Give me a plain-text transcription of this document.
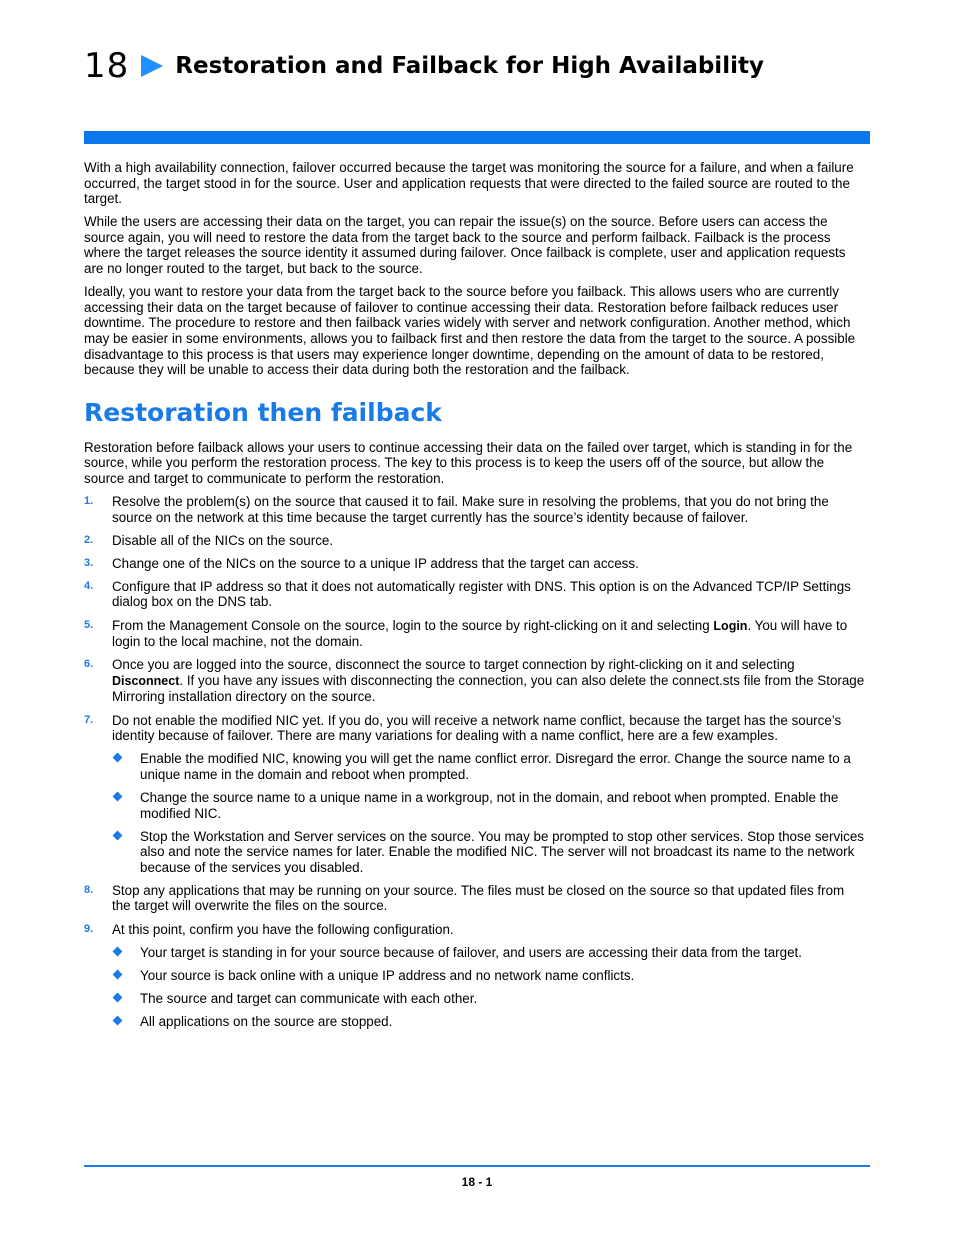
18 Restoration and Failback for High Availability

With a high availability connection, failover occurred because the target was monitoring the source for a failure, and when a failure occurred, the target stood in for the source. User and application requests that were directed to the failed source are routed to the target.

While the users are accessing their data on the target, you can repair the issue(s) on the source. Before users can access the source again, you will need to restore the data from the target back to the source and perform failback. Failback is the process where the target releases the source identity it assumed during failover. Once failback is complete, user and application requests are no longer routed to the target, but back to the source.

Ideally, you want to restore your data from the target back to the source before you failback. This allows users who are currently accessing their data on the target because of failover to continue accessing their data. Restoration before failback reduces user downtime. The procedure to restore and then failback varies widely with server and network configuration. Another method, which may be easier in some environments, allows you to failback first and then restore the data from the target to the source. A possible disadvantage to this process is that users may experience longer downtime, depending on the amount of data to be restored, because they will be unable to access their data during both the restoration and the failback.

Restoration then failback

Restoration before failback allows your users to continue accessing their data on the failed over target, which is standing in for the source, while you perform the restoration process. The key to this process is to keep the users off of the source, but allow the source and target to communicate to perform the restoration.

1. Resolve the problem(s) on the source that caused it to fail. Make sure in resolving the problems, that you do not bring the source on the network at this time because the target currently has the source’s identity because of failover.
2. Disable all of the NICs on the source.
3. Change one of the NICs on the source to a unique IP address that the target can access.
4. Configure that IP address so that it does not automatically register with DNS. This option is on the Advanced TCP/IP Settings dialog box on the DNS tab.
5. From the Management Console on the source, login to the source by right-clicking on it and selecting Login. You will have to login to the local machine, not the domain.
6. Once you are logged into the source, disconnect the source to target connection by right-clicking on it and selecting Disconnect. If you have any issues with disconnecting the connection, you can also delete the connect.sts file from the Storage Mirroring installation directory on the source.
7. Do not enable the modified NIC yet. If you do, you will receive a network name conflict, because the target has the source’s identity because of failover. There are many variations for dealing with a name conflict, here are a few examples.
Enable the modified NIC, knowing you will get the name conflict error. Disregard the error. Change the source name to a unique name in the domain and reboot when prompted.
Change the source name to a unique name in a workgroup, not in the domain, and reboot when prompted. Enable the modified NIC.
Stop the Workstation and Server services on the source. You may be prompted to stop other services. Stop those services also and note the service names for later. Enable the modified NIC. The server will not broadcast its name to the network because of the services you disabled.
8. Stop any applications that may be running on your source. The files must be closed on the source so that updated files from the target will overwrite the files on the source.
9. At this point, confirm you have the following configuration.
Your target is standing in for your source because of failover, and users are accessing their data from the target.
Your source is back online with a unique IP address and no network name conflicts.
The source and target can communicate with each other.
All applications on the source are stopped.
18 - 1
